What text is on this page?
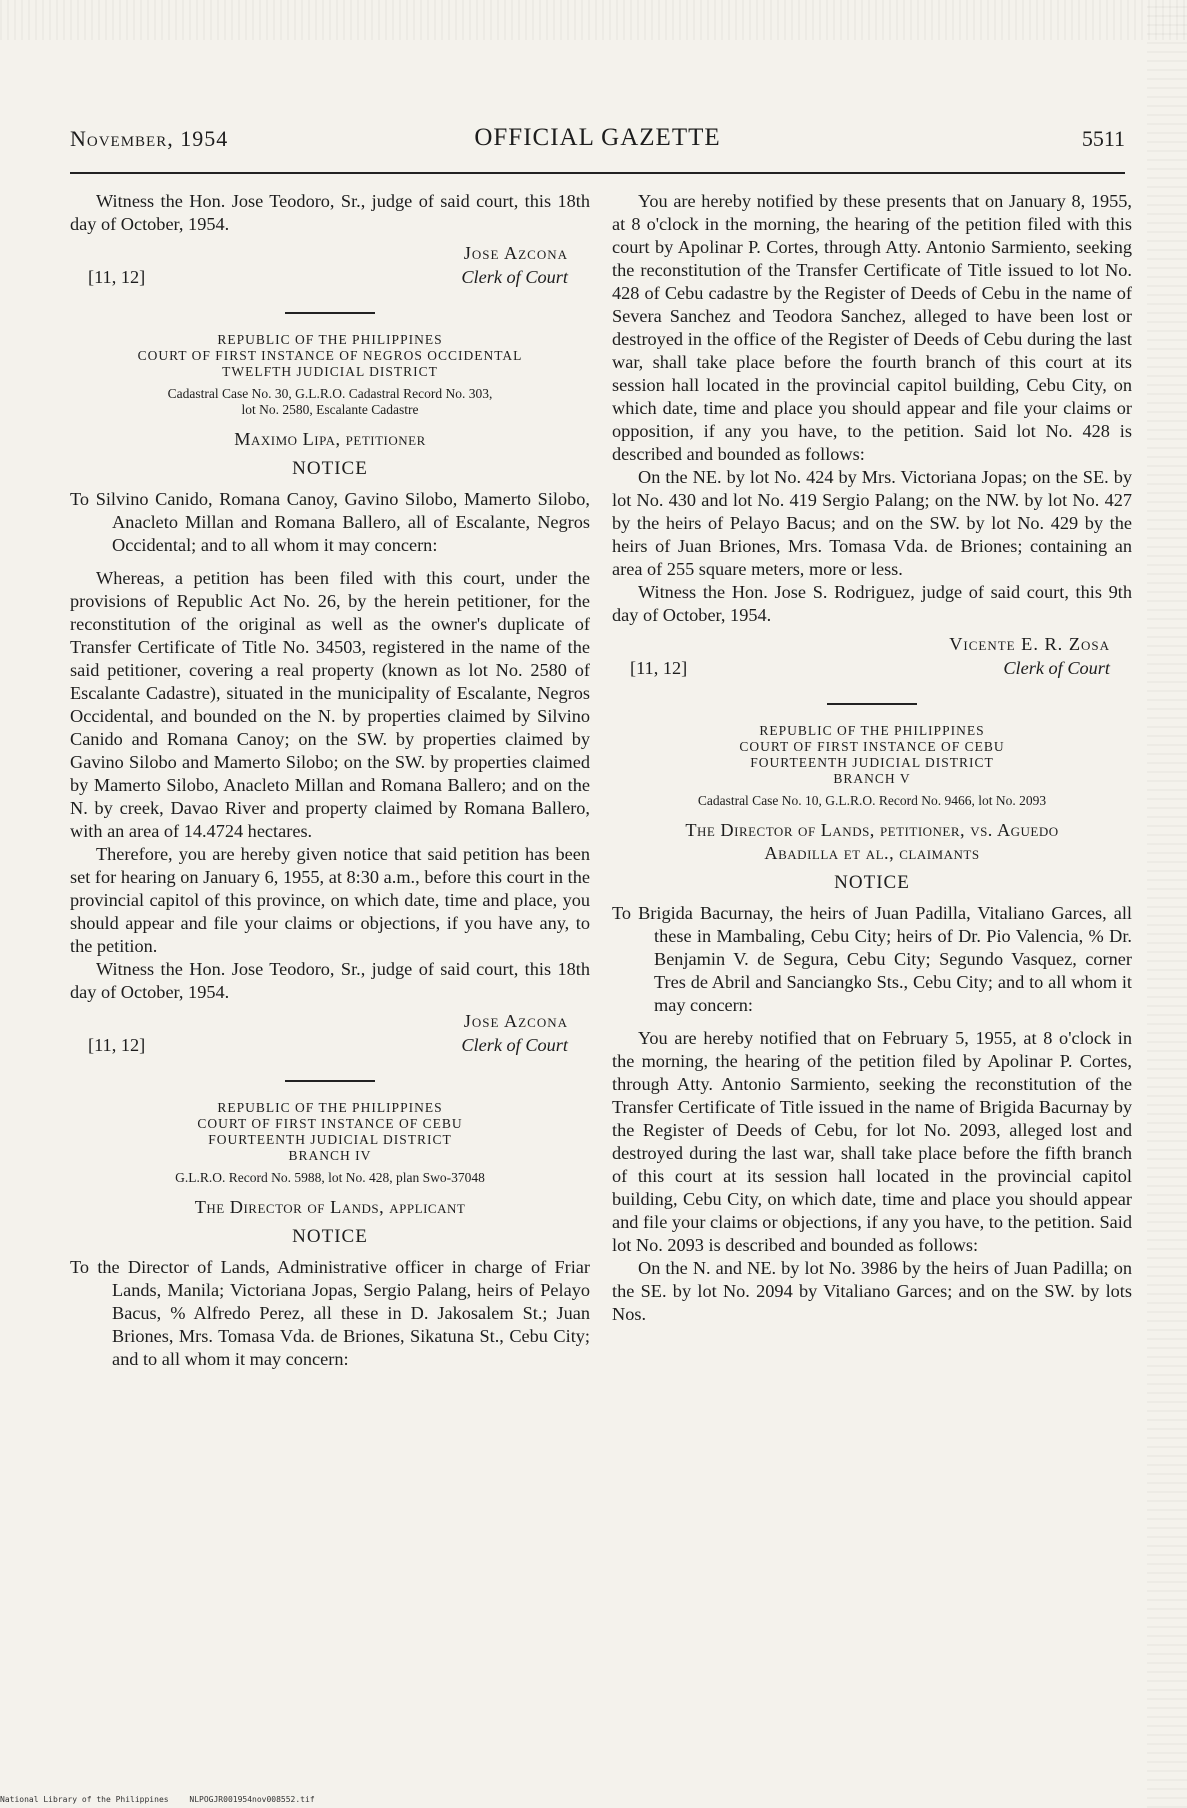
November, 1954	OFFICIAL GAZETTE	5511

Witness the Hon. Jose Teodoro, Sr., judge of said court, this 18th day of October, 1954.

[11, 12]
Jose Azcona
Clerk of Court
REPUBLIC OF THE PHILIPPINES
COURT OF FIRST INSTANCE OF NEGROS OCCIDENTAL
TWELFTH JUDICIAL DISTRICT
Cadastral Case No. 30, G.L.R.O. Cadastral Record No. 303,
lot No. 2580, Escalante Cadastre
Maximo Lipa, petitioner
NOTICE
To Silvino Canido, Romana Canoy, Gavino Silobo, Mamerto Silobo, Anacleto Millan and Romana Ballero, all of Escalante, Negros Occidental; and to all whom it may concern:

Whereas, a petition has been filed with this court, under the provisions of Republic Act No. 26, by the herein petitioner, for the reconstitution of the original as well as the owner's duplicate of Transfer Certificate of Title No. 34503, registered in the name of the said petitioner, covering a real property (known as lot No. 2580 of Escalante Cadastre), situated in the municipality of Escalante, Negros Occidental, and bounded on the N. by properties claimed by Silvino Canido and Romana Canoy; on the SW. by properties claimed by Gavino Silobo and Mamerto Silobo; on the SW. by properties claimed by Mamerto Silobo, Anacleto Millan and Romana Ballero; and on the N. by creek, Davao River and property claimed by Romana Ballero, with an area of 14.4724 hectares.

Therefore, you are hereby given notice that said petition has been set for hearing on January 6, 1955, at 8:30 a.m., before this court in the provincial capitol of this province, on which date, time and place, you should appear and file your claims or objections, if you have any, to the petition.

Witness the Hon. Jose Teodoro, Sr., judge of said court, this 18th day of October, 1954.

[11, 12]
Jose Azcona
Clerk of Court
REPUBLIC OF THE PHILIPPINES
COURT OF FIRST INSTANCE OF CEBU
FOURTEENTH JUDICIAL DISTRICT
BRANCH IV
G.L.R.O. Record No. 5988, lot No. 428, plan Swo-37048
The Director of Lands, applicant
NOTICE
To the Director of Lands, Administrative officer in charge of Friar Lands, Manila; Victoriana Jopas, Sergio Palang, heirs of Pelayo Bacus, % Alfredo Perez, all these in D. Jakosalem St.; Juan Briones, Mrs. Tomasa Vda. de Briones, Sikatuna St., Cebu City; and to all whom it may concern:

You are hereby notified by these presents that on January 8, 1955, at 8 o'clock in the morning, the hearing of the petition filed with this court by Apolinar P. Cortes, through Atty. Antonio Sarmiento, seeking the reconstitution of the Transfer Certificate of Title issued to lot No. 428 of Cebu cadastre by the Register of Deeds of Cebu in the name of Severa Sanchez and Teodora Sanchez, alleged to have been lost or destroyed in the office of the Register of Deeds of Cebu during the last war, shall take place before the fourth branch of this court at its session hall located in the provincial capitol building, Cebu City, on which date, time and place you should appear and file your claims or opposition, if any you have, to the petition. Said lot No. 428 is described and bounded as follows:

On the NE. by lot No. 424 by Mrs. Victoriana Jopas; on the SE. by lot No. 430 and lot No. 419 Sergio Palang; on the NW. by lot No. 427 by the heirs of Pelayo Bacus; and on the SW. by lot No. 429 by the heirs of Juan Briones, Mrs. Tomasa Vda. de Briones; containing an area of 255 square meters, more or less.

Witness the Hon. Jose S. Rodriguez, judge of said court, this 9th day of October, 1954.

[11, 12]
Vicente E. R. Zosa
Clerk of Court
REPUBLIC OF THE PHILIPPINES
COURT OF FIRST INSTANCE OF CEBU
FOURTEENTH JUDICIAL DISTRICT
BRANCH V
Cadastral Case No. 10, G.L.R.O. Record No. 9466, lot No. 2093
The Director of Lands, petitioner, vs. Aguedo
Abadilla et al., claimants
NOTICE
To Brigida Bacurnay, the heirs of Juan Padilla, Vitaliano Garces, all these in Mambaling, Cebu City; heirs of Dr. Pio Valencia, % Dr. Benjamin V. de Segura, Cebu City; Segundo Vasquez, corner Tres de Abril and Sanciangko Sts., Cebu City; and to all whom it may concern:

You are hereby notified that on February 5, 1955, at 8 o'clock in the morning, the hearing of the petition filed by Apolinar P. Cortes, through Atty. Antonio Sarmiento, seeking the reconstitution of the Transfer Certificate of Title issued in the name of Brigida Bacurnay by the Register of Deeds of Cebu, for lot No. 2093, alleged lost and destroyed during the last war, shall take place before the fifth branch of this court at its session hall located in the provincial capitol building, Cebu City, on which date, time and place you should appear and file your claims or objections, if any you have, to the petition. Said lot No. 2093 is described and bounded as follows:

On the N. and NE. by lot No. 3986 by the heirs of Juan Padilla; on the SE. by lot No. 2094 by Vitaliano Garces; and on the SW. by lots Nos.

National Library of the Philippines	NLPOGJR001954nov008552.tif
